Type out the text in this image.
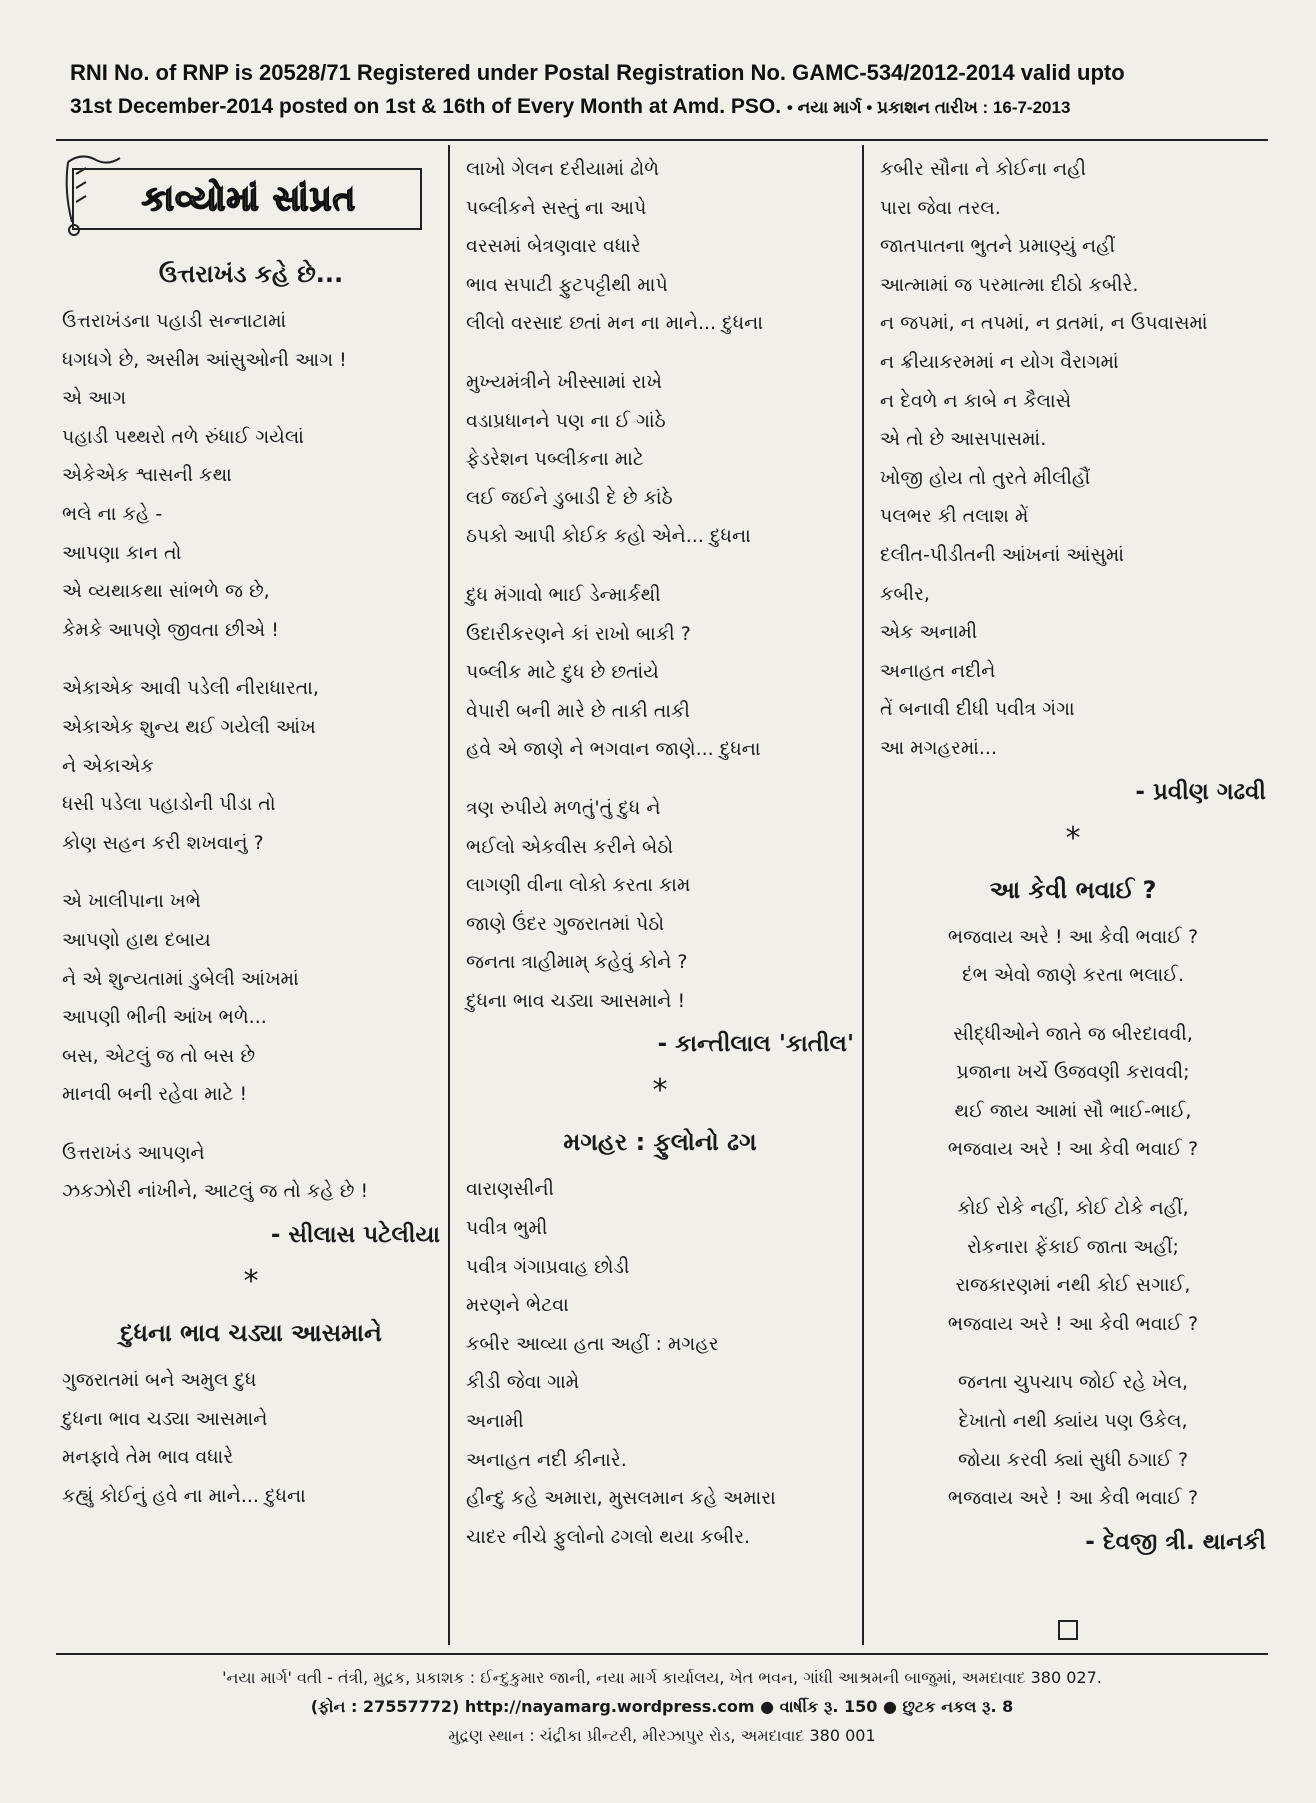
RNI No. of RNP is 20528/71 Registered under Postal Registration No. GAMC-534/2012-2014 valid upto
31st December-2014 posted on 1st & 16th of Every Month at Amd. PSO. • નયા માર્ગ • પ્રકાશન તારીખ : 16-7-2013
કાવ્યોમાં સાંપ્રત
ઉત્તરાખંડ કહે છે...
ઉત્તરાખંડના પહાડી સન્નાટામાં
ધગધગે છે, અસીમ આંસુઓની આગ !
એ આગ
પહાડી પથ્થરો તળે રુંધાઈ ગયેલાં
એકેએક શ્વાસની કથા
ભલે ના કહે -
આપણા કાન તો
એ વ્યથાકથા સાંભળે જ છે,
કેમકે આપણે જીવતા છીએ !
એકાએક આવી પડેલી નીરાધારતા,
એકાએક શુન્ય થઈ ગયેલી આંખ
ને એકાએક
ધસી પડેલા પહાડોની પીડા તો
કોણ સહન કરી શખવાનું ?
એ ખાલીપાના ખભે
આપણો હાથ દબાય
ને એ શુન્યતામાં ડુબેલી આંખમાં
આપણી ભીની આંખ ભળે...
બસ, એટલું જ તો બસ છે
માનવી બની રહેવા માટે !
ઉત્તરાખંડ આપણને
ઝકઝોરી નાંખીને, આટલું જ તો કહે છે !
- સીલાસ પટેલીયા
*
દુધના ભાવ ચડ્યા આસમાને
ગુજરાતમાં બને અમુલ દુધ
દુધના ભાવ ચડ્યા આસમાને
મનફાવે તેમ ભાવ વધારે
કહ્યું કોઈનું હવે ના માને... દુધના
લાખો ગેલન દરીયામાં ઢોળે
પબ્લીકને સસ્તું ના આપે
વરસમાં બેત્રણવાર વધારે
ભાવ સપાટી ફુટપટ્ટીથી માપે
લીલો વરસાદ છતાં મન ના માને... દુધના
મુખ્યમંત્રીને ખીસ્સામાં રાખે
વડાપ્રધાનને પણ ના ઈ ગાંઠે
ફેડરેશન પબ્લીકના માટે
લઈ જઈને ડુબાડી દે છે કાંઠે
ઠપકો આપી કોઈક કહો એને... દુધના
દુધ મંગાવો ભાઈ ડેન્માર્કથી
ઉદારીકરણને કાં રાખો બાકી ?
પબ્લીક માટે દુધ છે છતાંયે
વેપારી બની મારે છે તાકી તાકી
હવે એ જાણે ને ભગવાન જાણે... દુધના
ત્રણ રુપીયે મળતું'તું દુધ ને
ભઈલો એકવીસ કરીને બેઠો
લાગણી વીના લોકો કરતા કામ
જાણે ઉંદર ગુજરાતમાં પેઠો
જનતા ત્રાહીમામ્ કહેવું કોને ?
દુધના ભાવ ચડ્યા આસમાને !
- કાન્તીલાલ 'કાતીલ'
*
મગહર : ફુલોનો ઢગ
વારાણસીની
પવીત્ર ભુમી
પવીત્ર ગંગાપ્રવાહ છોડી
મરણને ભેટવા
કબીર આવ્યા હતા અહીં : મગહર
કીડી જેવા ગામે
અનામી
અનાહત નદી કીનારે.
હીન્દુ કહે અમારા, મુસલમાન કહે અમારા
ચાદર નીચે ફુલોનો ઢગલો થયા કબીર.
કબીર સૌના ને કોઈના નહી
પારા જેવા તરલ.
જાતપાતના ભુતને પ્રમાણ્યું નહીં
આત્મામાં જ પરમાત્મા દીઠો કબીરે.
ન જપમાં, ન તપમાં, ન વ્રતમાં, ન ઉપવાસમાં
ન ક્રીયાકરમમાં ન યોગ વૈરાગમાં
ન દેવળે ન કાબે ન કૈલાસે
એ તો છે આસપાસમાં.
ખોજી હોય તો તુરતે મીલીહૌં
પલભર કી તલાશ મેં
દલીત-પીડીતની આંખનાં આંસુમાં
કબીર,
એક અનામી
અનાહત નદીને
તેં બનાવી દીધી પવીત્ર ગંગા
આ મગહરમાં...
- પ્રવીણ ગઢવી
*
આ કેવી ભવાઈ ?
ભજવાય અરે ! આ કેવી ભવાઈ ?
દંભ એવો જાણે કરતા ભલાઈ.
સીદ્ધીઓને જાતે જ બીરદાવવી,
પ્રજાના ખર્ચે ઉજવણી કરાવવી;
થઈ જાય આમાં સૌ ભાઈ-ભાઈ,
ભજવાય અરે ! આ કેવી ભવાઈ ?
કોઈ રોકે નહીં, કોઈ ટોકે નહીં,
રોકનારા ફેંકાઈ જાતા અહીં;
રાજકારણમાં નથી કોઈ સગાઈ,
ભજવાય અરે ! આ કેવી ભવાઈ ?
જનતા ચુપચાપ જોઈ રહે ખેલ,
દેખાતો નથી ક્યાંય પણ ઉકેલ,
જોયા કરવી ક્યાં સુધી ઠગાઈ ?
ભજવાય અરે ! આ કેવી ભવાઈ ?
- દેવજી ત્રી. થાનકી
'નયા માર્ગ' વતી - તંત્રી, મુદ્રક, પ્રકાશક : ઈન્દુકુમાર જાની, નયા માર્ગ કાર્યાલય, ખેત ભવન, ગાંધી આશ્રમની બાજુમાં, અમદાવાદ 380 027.
(ફોન : 27557772) http://nayamarg.wordpress.com ● વાર્ષીક રૂ. 150 ● છુટક નકલ રૂ. 8
મુદ્રણ સ્થાન : ચંદ્રીકા પ્રીન્ટરી, મીરઝાપુર રોડ, અમદાવાદ 380 001
